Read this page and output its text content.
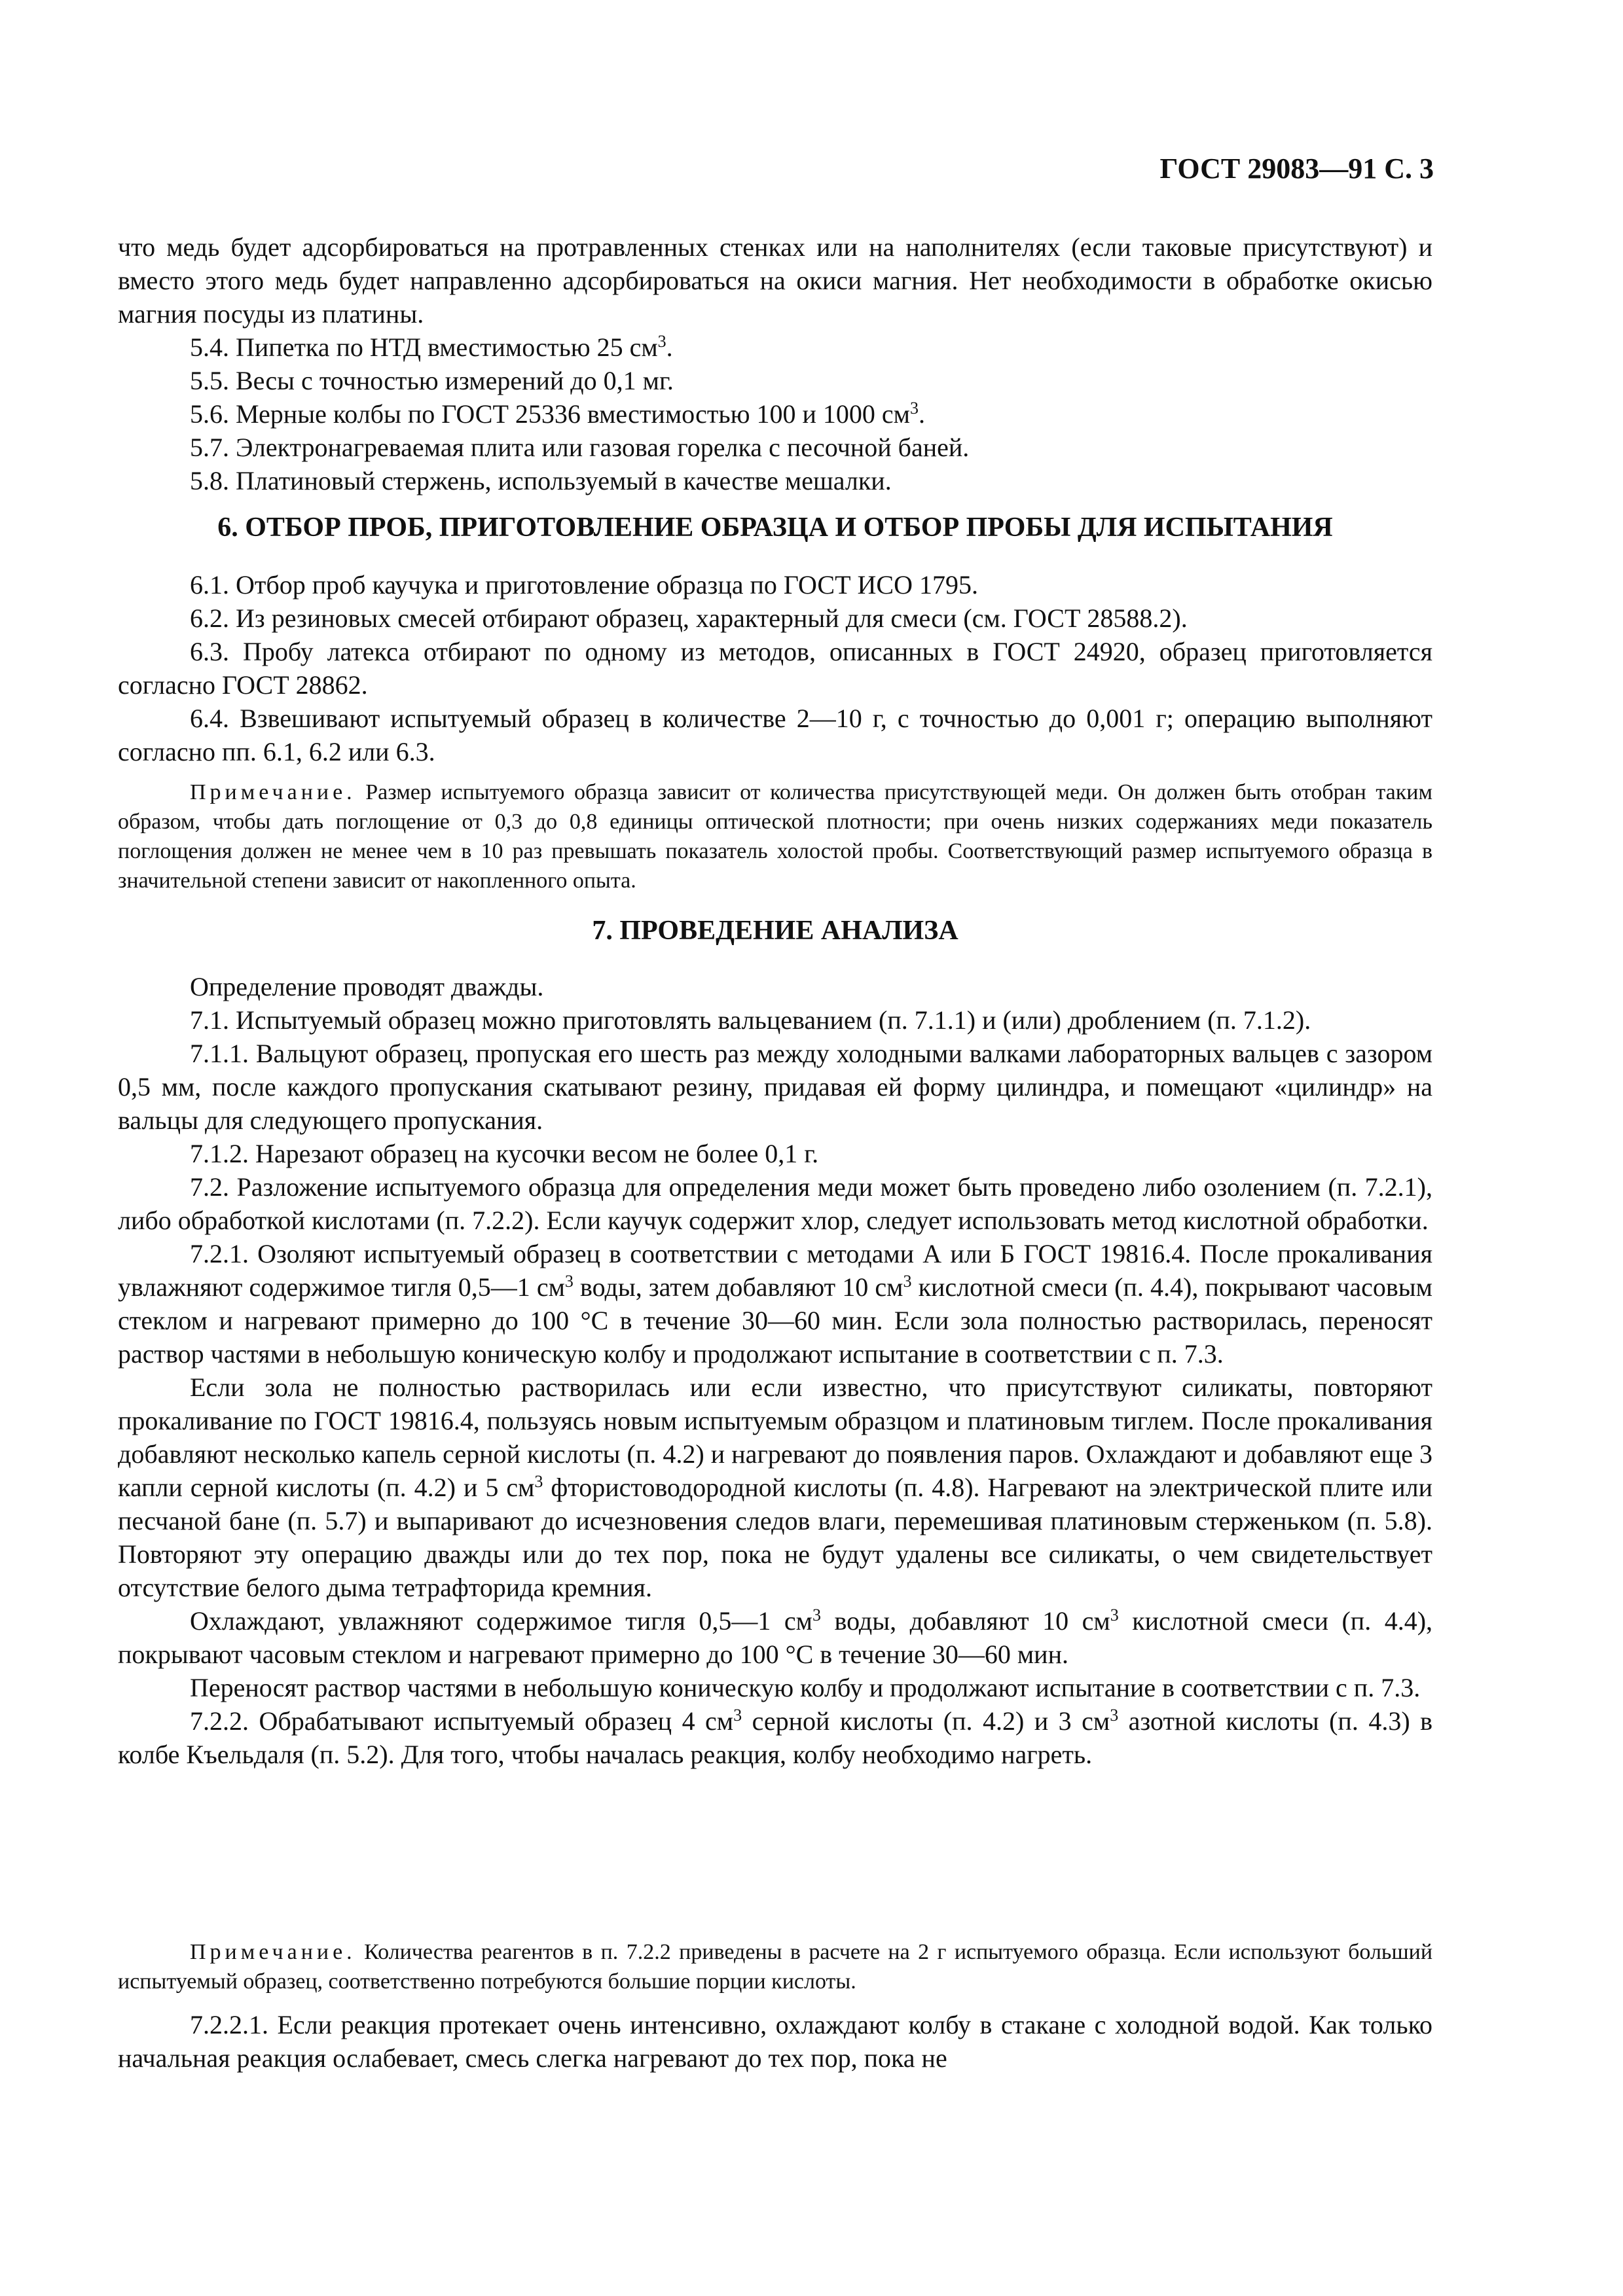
ГОСТ 29083—91 С. 3

что медь будет адсорбироваться на протравленных стенках или на наполнителях (если таковые присутствуют) и вместо этого медь будет направленно адсорбироваться на окиси магния. Нет необходимости в обработке окисью магния посуды из платины.

5.4. Пипетка по НТД вместимостью 25 $см^3$.

5.5. Весы с точностью измерений до 0,1 мг.

5.6. Мерные колбы по ГОСТ 25336 вместимостью 100 и 1000 $см^3$.

5.7. Электронагреваемая плита или газовая горелка с песочной баней.

5.8. Платиновый стержень, используемый в качестве мешалки.

6. ОТБОР ПРОБ, ПРИГОТОВЛЕНИЕ ОБРАЗЦА И ОТБОР ПРОБЫ ДЛЯ ИСПЫТАНИЯ

6.1. Отбор проб каучука и приготовление образца по ГОСТ ИСО 1795.

6.2. Из резиновых смесей отбирают образец, характерный для смеси (см. ГОСТ 28588.2).

6.3. Пробу латекса отбирают по одному из методов, описанных в ГОСТ 24920, образец приготовляется согласно ГОСТ 28862.

6.4. Взвешивают испытуемый образец в количестве 2—10 г, с точностью до 0,001 г; операцию выполняют согласно пп. 6.1, 6.2 или 6.3.

Примечание. Размер испытуемого образца зависит от количества присутствующей меди. Он должен быть отобран таким образом, чтобы дать поглощение от 0,3 до 0,8 единицы оптической плотности; при очень низких содержаниях меди показатель поглощения должен не менее чем в 10 раз превышать показатель холостой пробы. Соответствующий размер испытуемого образца в значительной степени зависит от накопленного опыта.

7. ПРОВЕДЕНИЕ АНАЛИЗА

Определение проводят дважды.

7.1. Испытуемый образец можно приготовлять вальцеванием (п. 7.1.1) и (или) дроблением (п. 7.1.2).

7.1.1. Вальцуют образец, пропуская его шесть раз между холодными валками лабораторных вальцев с зазором 0,5 мм, после каждого пропускания скатывают резину, придавая ей форму цилиндра, и помещают «цилиндр» на вальцы для следующего пропускания.

7.1.2. Нарезают образец на кусочки весом не более 0,1 г.

7.2. Разложение испытуемого образца для определения меди может быть проведено либо озолением (п. 7.2.1), либо обработкой кислотами (п. 7.2.2). Если каучук содержит хлор, следует использовать метод кислотной обработки.

7.2.1. Озоляют испытуемый образец в соответствии с методами А или Б ГОСТ 19816.4. После прокаливания увлажняют содержимое тигля 0,5—1 $см^3$ воды, затем добавляют 10 $см^3$ кислотной смеси (п. 4.4), покрывают часовым стеклом и нагревают примерно до 100 °С в течение 30—60 мин. Если зола полностью растворилась, переносят раствор частями в небольшую коническую колбу и продолжают испытание в соответствии с п. 7.3.

Если зола не полностью растворилась или если известно, что присутствуют силикаты, повторяют прокаливание по ГОСТ 19816.4, пользуясь новым испытуемым образцом и платиновым тиглем. После прокаливания добавляют несколько капель серной кислоты (п. 4.2) и нагревают до появления паров. Охлаждают и добавляют еще 3 капли серной кислоты (п. 4.2) и 5 $см^3$ фтористоводородной кислоты (п. 4.8). Нагревают на электрической плите или песчаной бане (п. 5.7) и выпаривают до исчезновения следов влаги, перемешивая платиновым стерженьком (п. 5.8). Повторяют эту операцию дважды или до тех пор, пока не будут удалены все силикаты, о чем свидетельствует отсутствие белого дыма тетрафторида кремния.

Охлаждают, увлажняют содержимое тигля 0,5—1 $см^3$ воды, добавляют 10 $см^3$ кислотной смеси (п. 4.4), покрывают часовым стеклом и нагревают примерно до 100 °С в течение 30—60 мин.

Переносят раствор частями в небольшую коническую колбу и продолжают испытание в соответствии с п. 7.3.

7.2.2. Обрабатывают испытуемый образец 4 $см^3$ серной кислоты (п. 4.2) и 3 $см^3$ азотной кислоты (п. 4.3) в колбе Къельдаля (п. 5.2). Для того, чтобы началась реакция, колбу необходимо нагреть.

Примечание. Количества реагентов в п. 7.2.2 приведены в расчете на 2 г испытуемого образца. Если используют больший испытуемый образец, соответственно потребуются большие порции кислоты.

7.2.2.1. Если реакция протекает очень интенсивно, охлаждают колбу в стакане с холодной водой. Как только начальная реакция ослабевает, смесь слегка нагревают до тех пор, пока не
